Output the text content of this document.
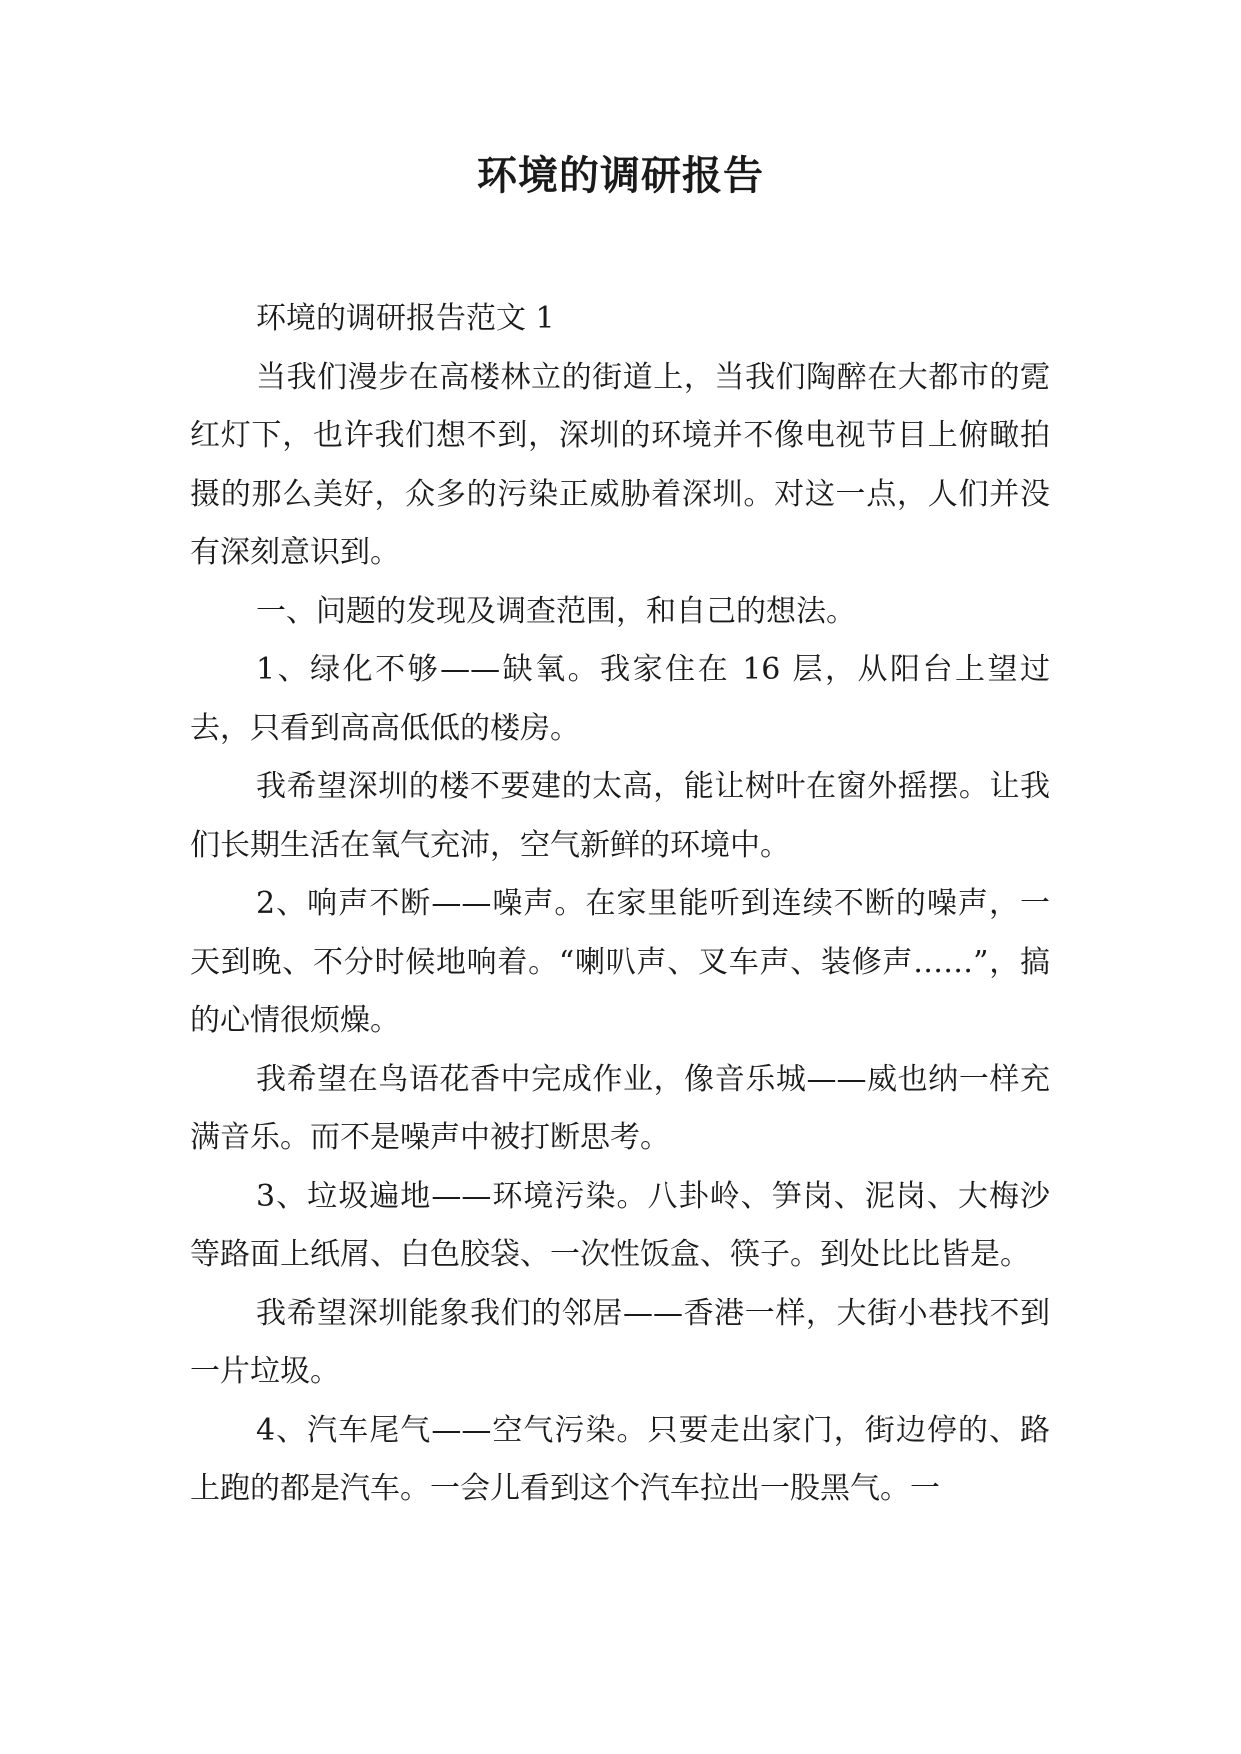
环境的调研报告

环境的调研报告范文 1

当我们漫步在高楼林立的街道上，当我们陶醉在大都市的霓红灯下，也许我们想不到，深圳的环境并不像电视节目上俯瞰拍摄的那么美好，众多的污染正威胁着深圳。对这一点，人们并没有深刻意识到。

一、问题的发现及调查范围，和自己的想法。

1、绿化不够——缺氧。我家住在 16 层，从阳台上望过去，只看到高高低低的楼房。

我希望深圳的楼不要建的太高，能让树叶在窗外摇摆。让我们长期生活在氧气充沛，空气新鲜的环境中。

2、响声不断——噪声。在家里能听到连续不断的噪声，一天到晚、不分时候地响着。“喇叭声、叉车声、装修声……”，搞的心情很烦燥。

我希望在鸟语花香中完成作业，像音乐城——威也纳一样充满音乐。而不是噪声中被打断思考。

3、垃圾遍地——环境污染。八卦岭、笋岗、泥岗、大梅沙等路面上纸屑、白色胶袋、一次性饭盒、筷子。到处比比皆是。

我希望深圳能象我们的邻居——香港一样，大街小巷找不到一片垃圾。

4、汽车尾气——空气污染。只要走出家门，街边停的、路上跑的都是汽车。一会儿看到这个汽车拉出一股黑气。一
